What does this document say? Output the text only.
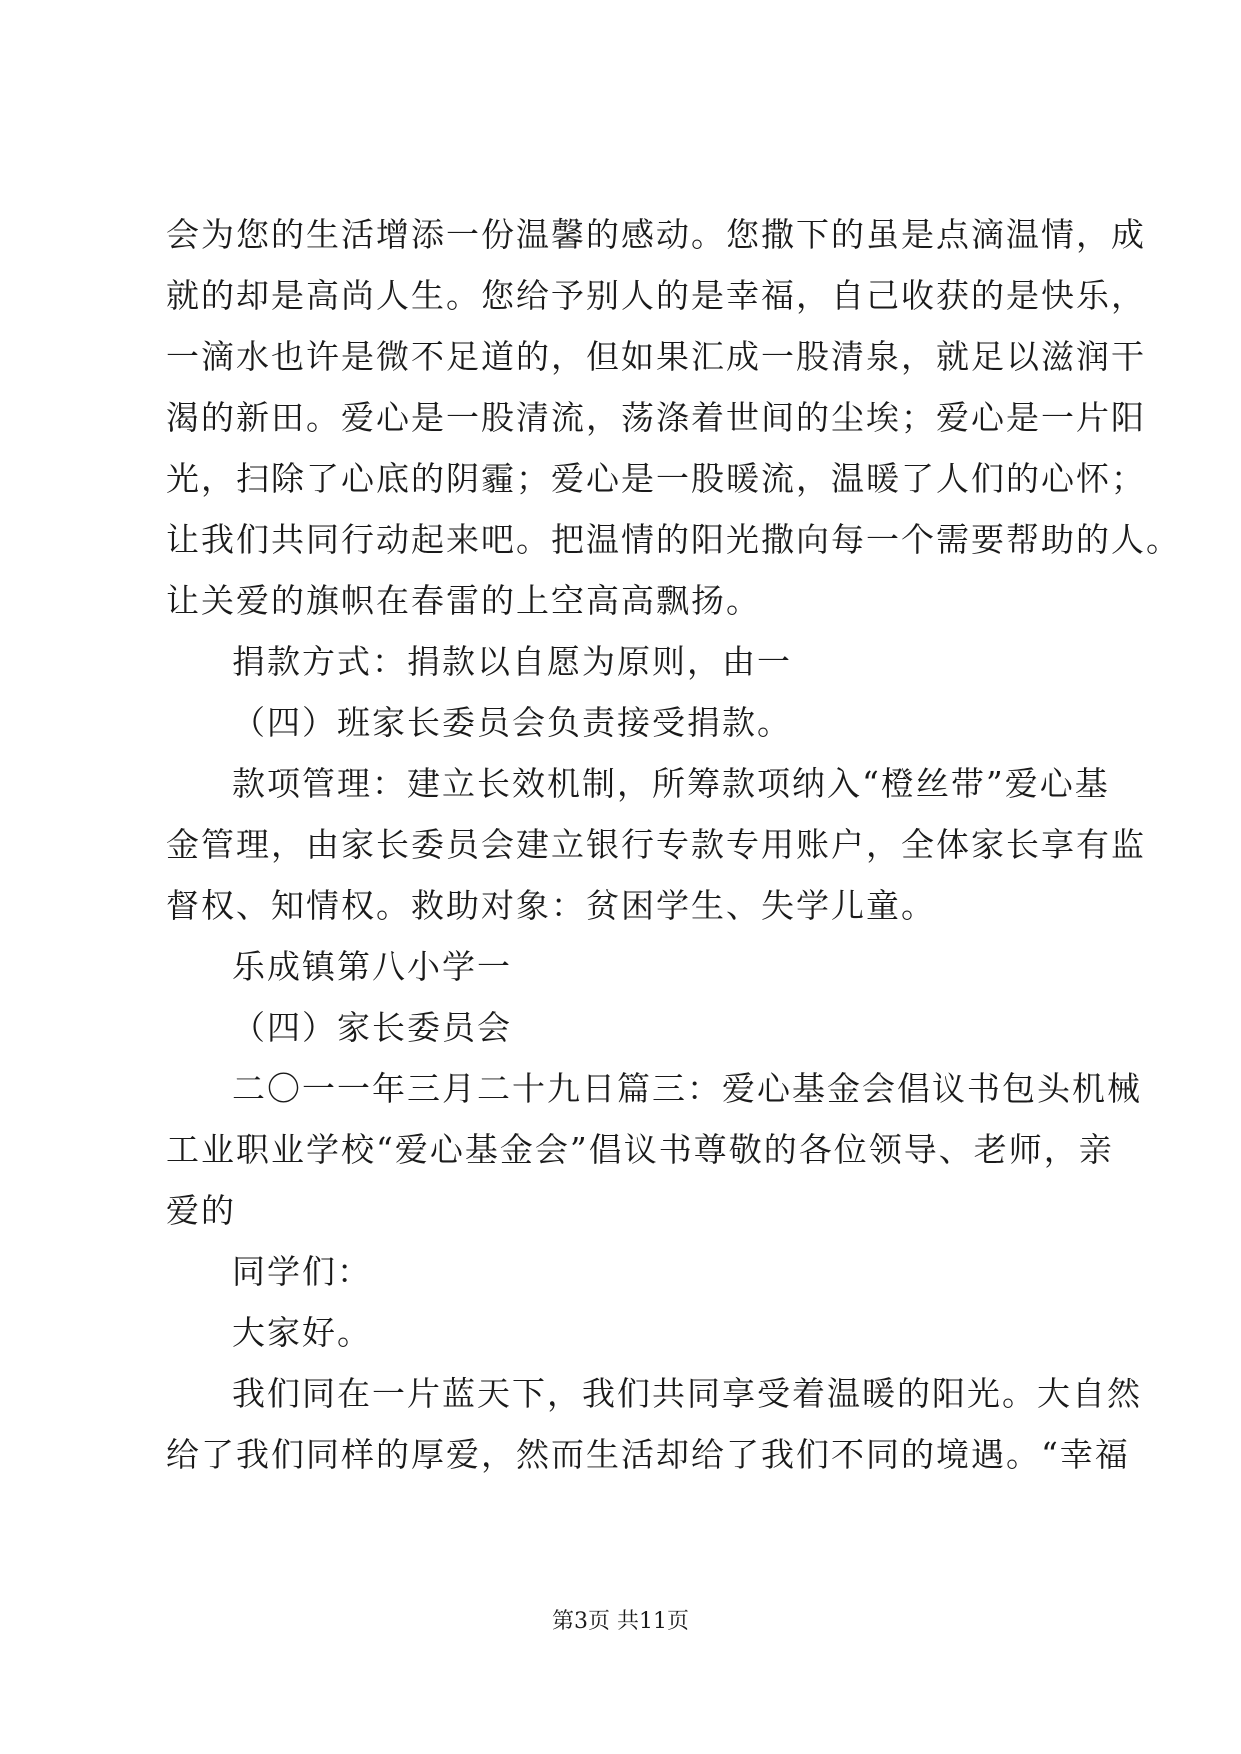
会为您的生活增添一份温馨的感动。您撒下的虽是点滴温情，成
就的却是高尚人生。您给予别人的是幸福，自己收获的是快乐，
一滴水也许是微不足道的，但如果汇成一股清泉，就足以滋润干
渴的新田。爱心是一股清流，荡涤着世间的尘埃；爱心是一片阳
光，扫除了心底的阴霾；爱心是一股暖流，温暖了人们的心怀；
让我们共同行动起来吧。把温情的阳光撒向每一个需要帮助的人。
让关爱的旗帜在春雷的上空高高飘扬。
捐款方式：捐款以自愿为原则，由一
（四）班家长委员会负责接受捐款。
款项管理：建立长效机制，所筹款项纳入“橙丝带”爱心基
金管理，由家长委员会建立银行专款专用账户，全体家长享有监
督权、知情权。救助对象：贫困学生、失学儿童。
乐成镇第八小学一
（四）家长委员会
二〇一一年三月二十九日篇三：爱心基金会倡议书包头机械
工业职业学校“爱心基金会”倡议书尊敬的各位领导、老师，亲
爱的
同学们：
大家好。
我们同在一片蓝天下，我们共同享受着温暖的阳光。大自然
给了我们同样的厚爱，然而生活却给了我们不同的境遇。“幸福
第3页 共11页
